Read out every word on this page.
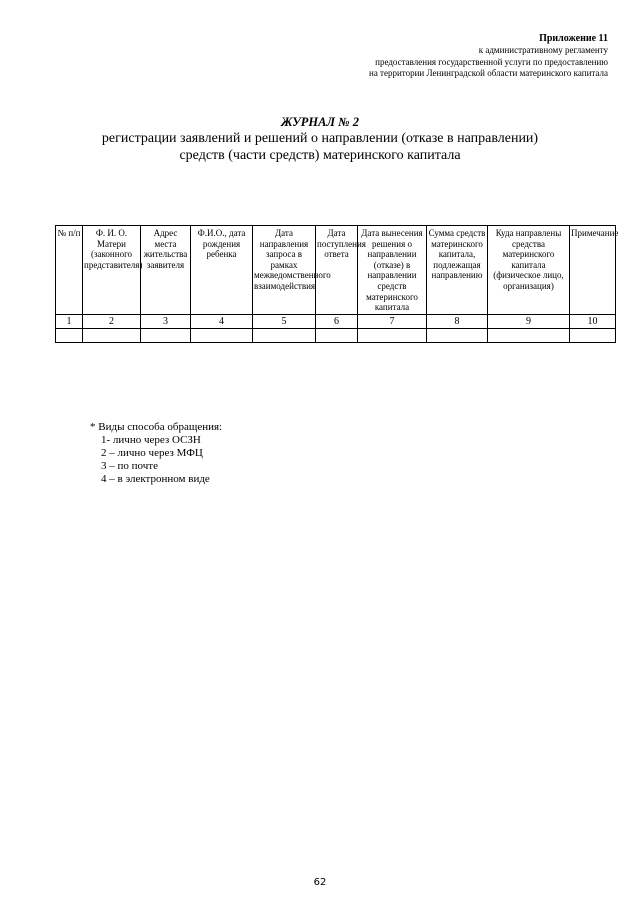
Приложение 11
к административному регламенту
предоставления государственной услуги по предоставлению
на территории Ленинградской области материнского капитала
ЖУРНАЛ № 2
регистрации заявлений и решений о направлении (отказе в направлении)
средств (части средств) материнского капитала
№ п/п	Ф. И. О. Матери (законного представителя)	Адрес места жительства заявителя	Ф.И.О., дата рождения ребенка	Дата направления запроса в рамках межведомственного взаимодействия	Дата поступления ответа	Дата вынесения решения о направлении (отказе) в направлении средств материнского капитала	Сумма средств материнского капитала, подлежащая направлению	Куда направлены средства материнского капитала (физическое лицо, организация)	Примечание
1	2	3	4	5	6	7	8	9	10

* Виды способа обращения:
1- лично через ОСЗН
2 – лично через МФЦ
3 – по почте
4 – в электронном виде
62
